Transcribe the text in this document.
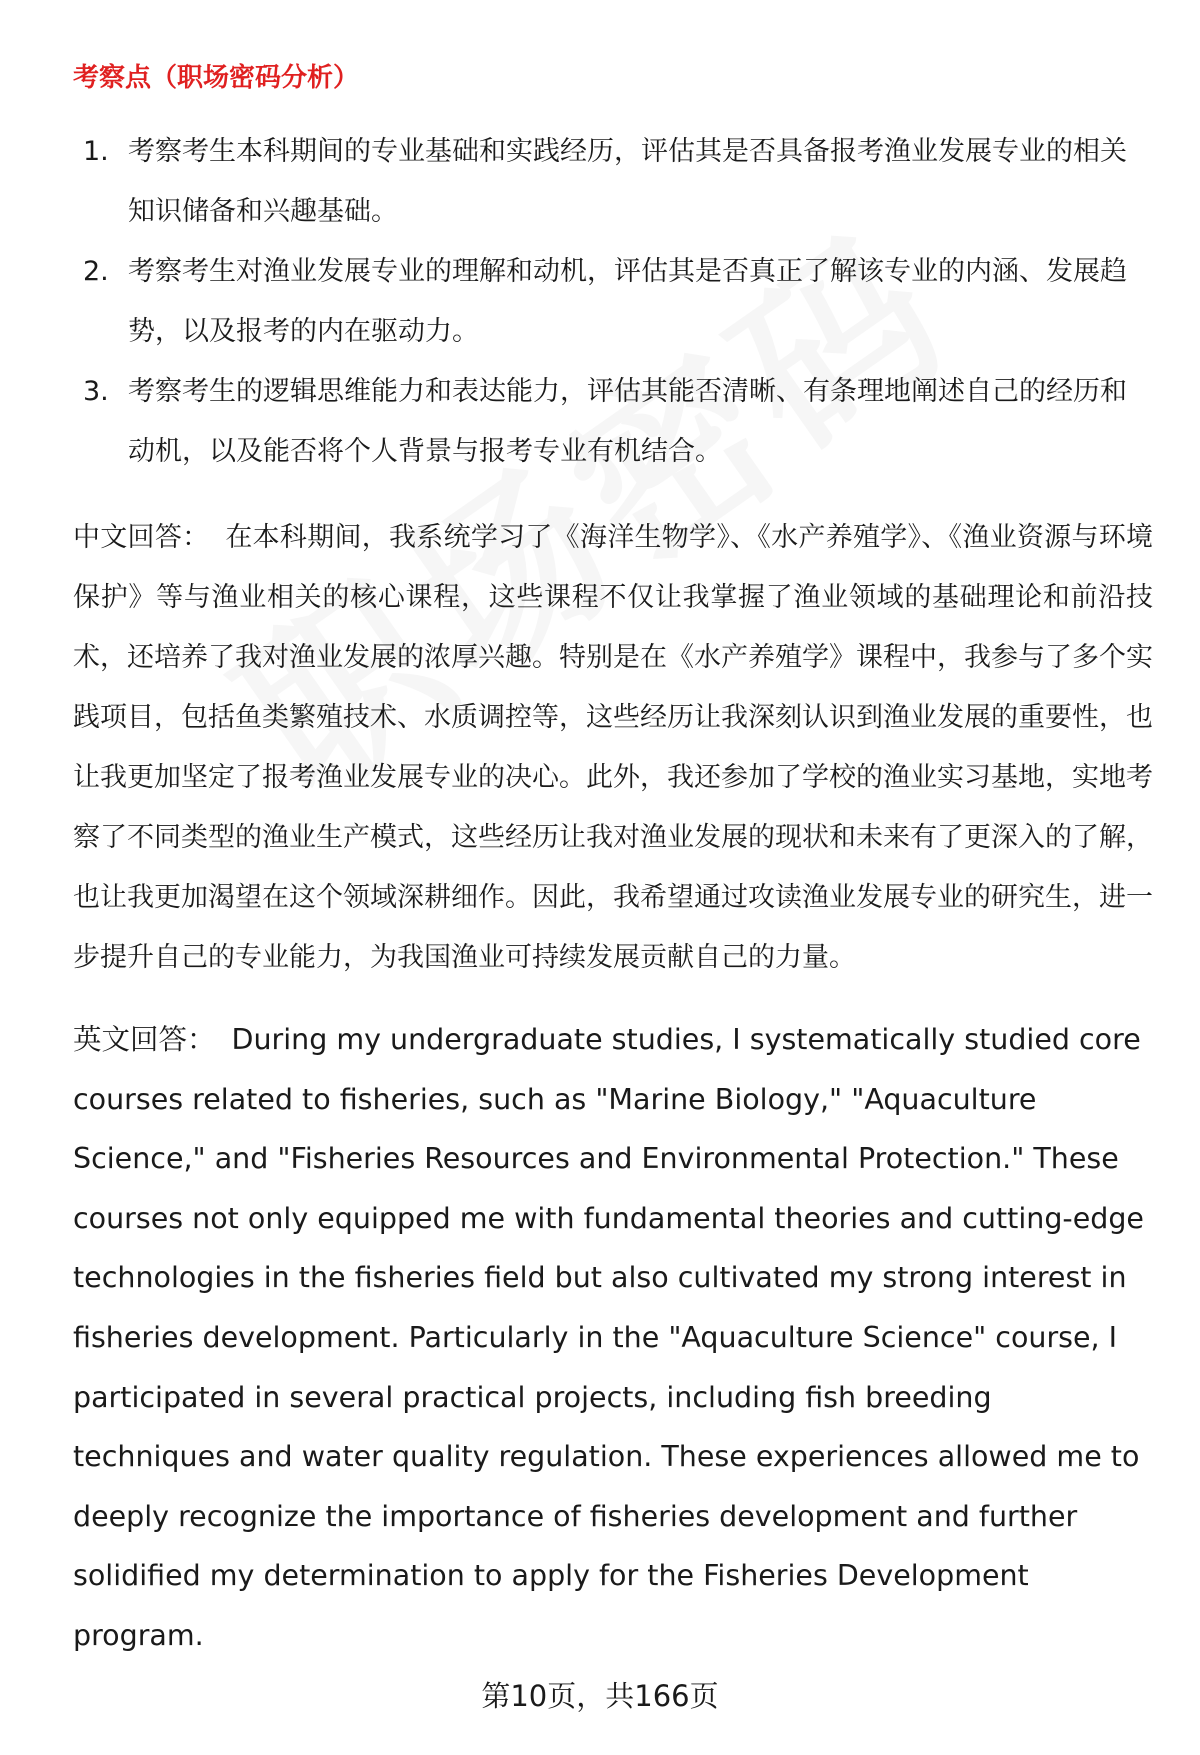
考察点（职场密码分析）
1. 考察考生本科期间的专业基础和实践经历，评估其是否具备报考渔业发展专业的相关知识储备和兴趣基础。
2. 考察考生对渔业发展专业的理解和动机，评估其是否真正了解该专业的内涵、发展趋势，以及报考的内在驱动力。
3. 考察考生的逻辑思维能力和表达能力，评估其能否清晰、有条理地阐述自己的经历和动机，以及能否将个人背景与报考专业有机结合。

中文回答： 在本科期间，我系统学习了《海洋生物学》、《水产养殖学》、《渔业资源与环境保护》等与渔业相关的核心课程，这些课程不仅让我掌握了渔业领域的基础理论和前沿技术，还培养了我对渔业发展的浓厚兴趣。特别是在《水产养殖学》课程中，我参与了多个实践项目，包括鱼类繁殖技术、水质调控等，这些经历让我深刻认识到渔业发展的重要性，也让我更加坚定了报考渔业发展专业的决心。此外，我还参加了学校的渔业实习基地，实地考察了不同类型的渔业生产模式，这些经历让我对渔业发展的现状和未来有了更深入的了解，也让我更加渴望在这个领域深耕细作。因此，我希望通过攻读渔业发展专业的研究生，进一步提升自己的专业能力，为我国渔业可持续发展贡献自己的力量。

英文回答： During my undergraduate studies, I systematically studied core courses related to fisheries, such as "Marine Biology," "Aquaculture Science," and "Fisheries Resources and Environmental Protection." These courses not only equipped me with fundamental theories and cutting-edge technologies in the fisheries field but also cultivated my strong interest in fisheries development. Particularly in the "Aquaculture Science" course, I participated in several practical projects, including fish breeding techniques and water quality regulation. These experiences allowed me to deeply recognize the importance of fisheries development and further solidified my determination to apply for the Fisheries Development program.

第10页，共166页
